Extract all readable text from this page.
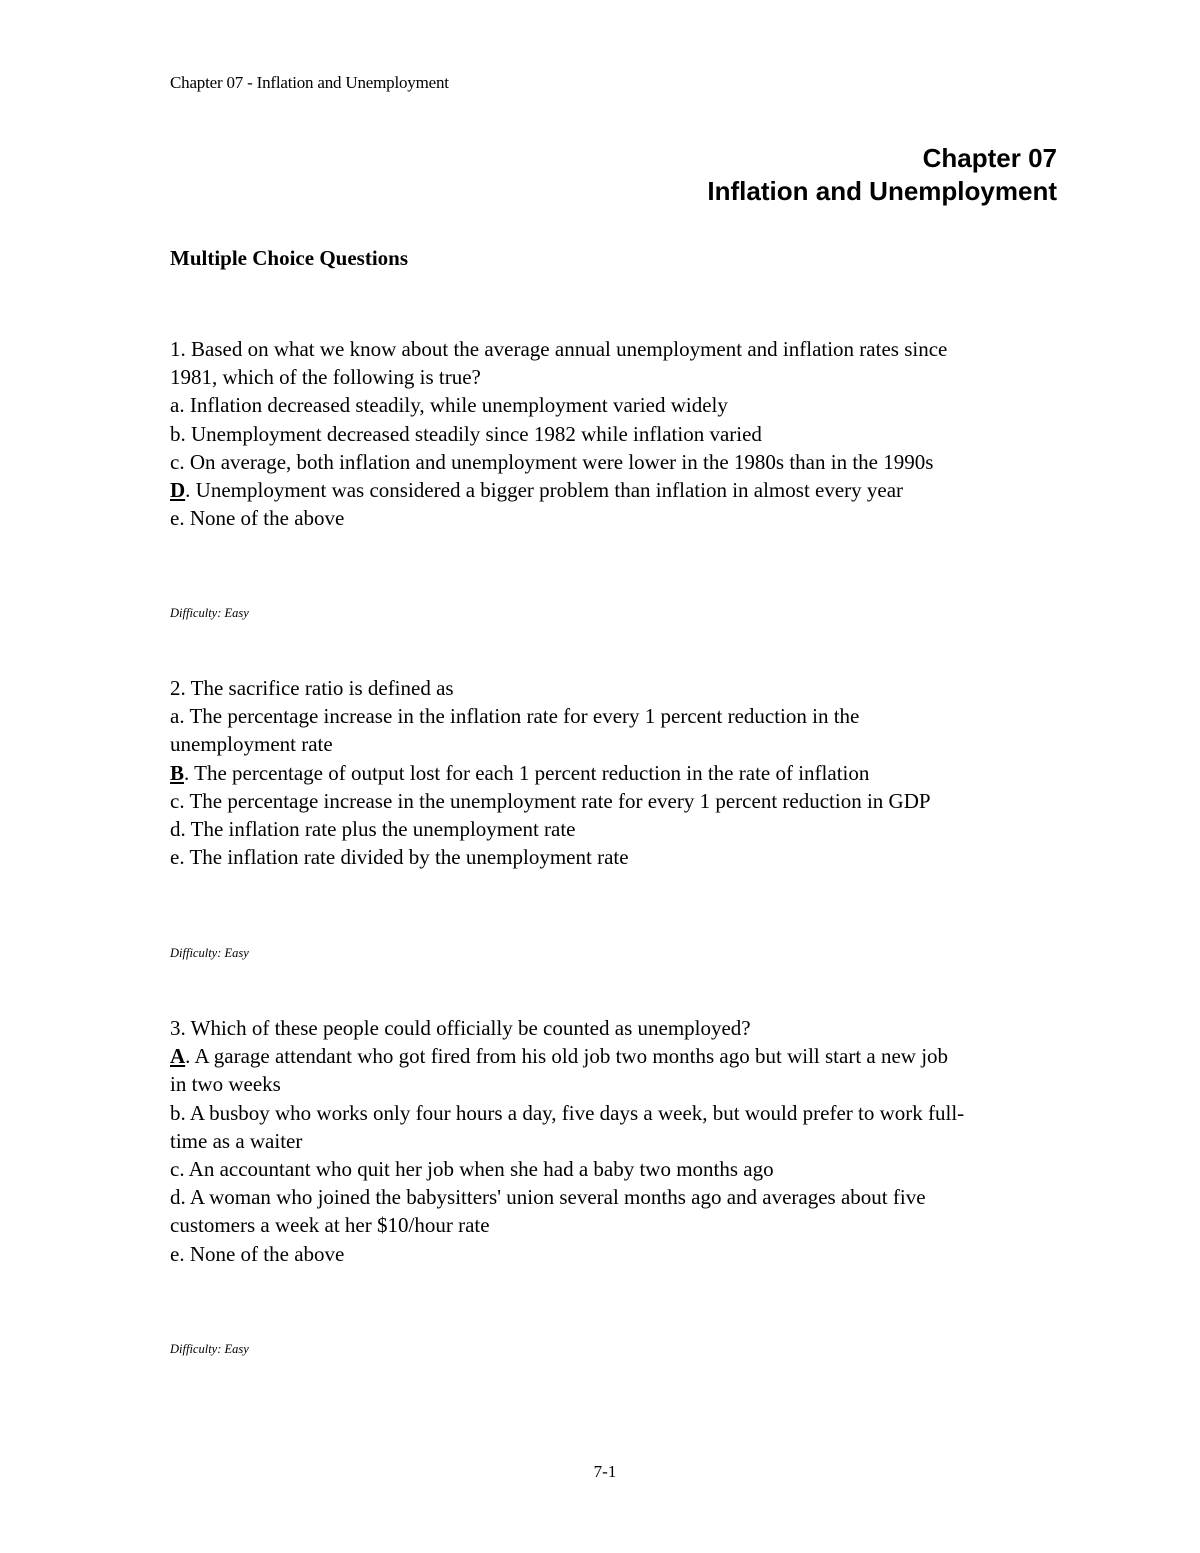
Chapter 07 - Inflation and Unemployment
Chapter 07
Inflation and Unemployment
Multiple Choice Questions
1. Based on what we know about the average annual unemployment and inflation rates since
1981, which of the following is true?
a. Inflation decreased steadily, while unemployment varied widely
b. Unemployment decreased steadily since 1982 while inflation varied
c. On average, both inflation and unemployment were lower in the 1980s than in the 1990s
D. Unemployment was considered a bigger problem than inflation in almost every year
e. None of the above
Difficulty: Easy
2. The sacrifice ratio is defined as
a. The percentage increase in the inflation rate for every 1 percent reduction in the
unemployment rate
B. The percentage of output lost for each 1 percent reduction in the rate of inflation
c. The percentage increase in the unemployment rate for every 1 percent reduction in GDP
d. The inflation rate plus the unemployment rate
e. The inflation rate divided by the unemployment rate
Difficulty: Easy
3. Which of these people could officially be counted as unemployed?
A. A garage attendant who got fired from his old job two months ago but will start a new job
in two weeks
b. A busboy who works only four hours a day, five days a week, but would prefer to work full-
time as a waiter
c. An accountant who quit her job when she had a baby two months ago
d. A woman who joined the babysitters' union several months ago and averages about five
customers a week at her $10/hour rate
e. None of the above
Difficulty: Easy
7-1
